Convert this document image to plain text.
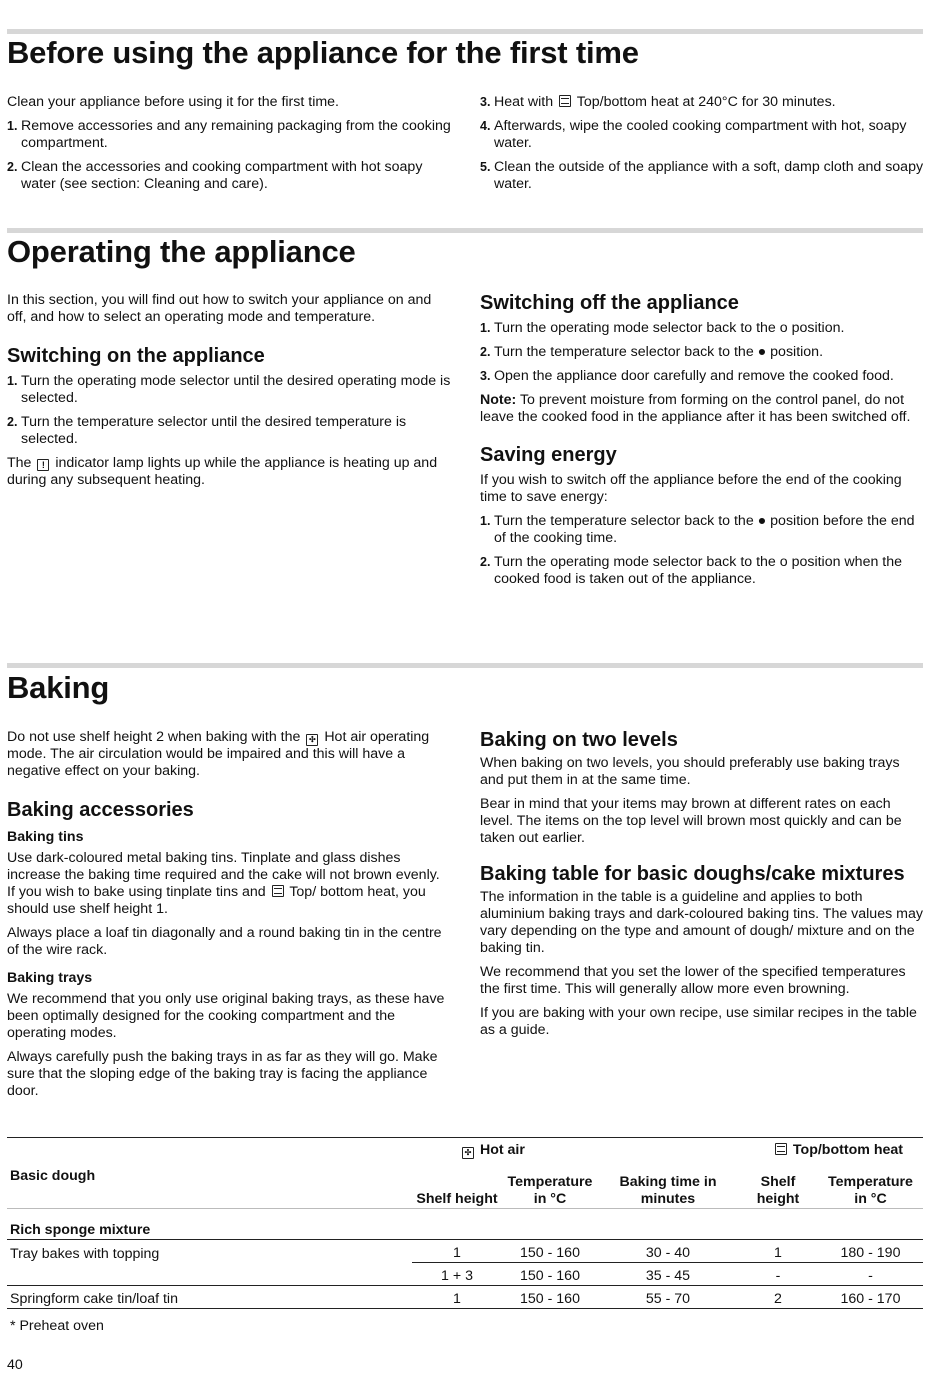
Before using the appliance for the first time

Clean your appliance before using it for the first time.

1. Remove accessories and any remaining packaging from the cooking compartment.
2. Clean the accessories and cooking compartment with hot soapy water (see section: Cleaning and care).
3. Heat with Top/bottom heat at 240°C for 30 minutes.
4. Afterwards, wipe the cooled cooking compartment with hot, soapy water.
5. Clean the outside of the appliance with a soft, damp cloth and soapy water.
Operating the appliance

In this section, you will find out how to switch your appliance on and off, and how to select an operating mode and temperature.

Switching on the appliance
1. Turn the operating mode selector until the desired operating mode is selected.
2. Turn the temperature selector until the desired temperature is selected.

The ! indicator lamp lights up while the appliance is heating up and during any subsequent heating.

Switching off the appliance
1. Turn the operating mode selector back to the o position.
2. Turn the temperature selector back to the ● position.
3. Open the appliance door carefully and remove the cooked food.

Note: To prevent moisture from forming on the control panel, do not leave the cooked food in the appliance after it has been switched off.

Saving energy

If you wish to switch off the appliance before the end of the cooking time to save energy:

1. Turn the temperature selector back to the ● position before the end of the cooking time.
2. Turn the operating mode selector back to the o position when the cooked food is taken out of the appliance.
Baking

Do not use shelf height 2 when baking with the ✣ Hot air operating mode. The air circulation would be impaired and this will have a negative effect on your baking.

Baking accessories
Baking tins

Use dark-coloured metal baking tins. Tinplate and glass dishes increase the baking time required and the cake will not brown evenly. If you wish to bake using tinplate tins and Top/ bottom heat, you should use shelf height 1.

Always place a loaf tin diagonally and a round baking tin in the centre of the wire rack.

Baking trays

We recommend that you only use original baking trays, as these have been optimally designed for the cooking compartment and the operating modes.

Always carefully push the baking trays in as far as they will go. Make sure that the sloping edge of the baking tray is facing the appliance door.

Baking on two levels

When baking on two levels, you should preferably use baking trays and put them in at the same time.

Bear in mind that your items may brown at different rates on each level. The items on the top level will brown most quickly and can be taken out earlier.

Baking table for basic doughs/cake mixtures

The information in the table is a guideline and applies to both aluminium baking trays and dark-coloured baking tins. The values may vary depending on the type and amount of dough/ mixture and on the baking tin.

We recommend that you set the lower of the specified temperatures the first time. This will generally allow more even browning.

If you are baking with your own recipe, use similar recipes in the table as a guide.

	✣ Hot air			Top/bottom heat	
Basic dough	Shelf height	Temperature in °C	Baking time in minutes	Shelf height	Temperature in °C
Rich sponge mixture					
Tray bakes with topping	1	150 - 160	30 - 40	1	180 - 190
	1 + 3	150 - 160	35 - 45	-	-
Springform cake tin/loaf tin	1	150 - 160	55 - 70	2	160 - 170
* Preheat oven
40
